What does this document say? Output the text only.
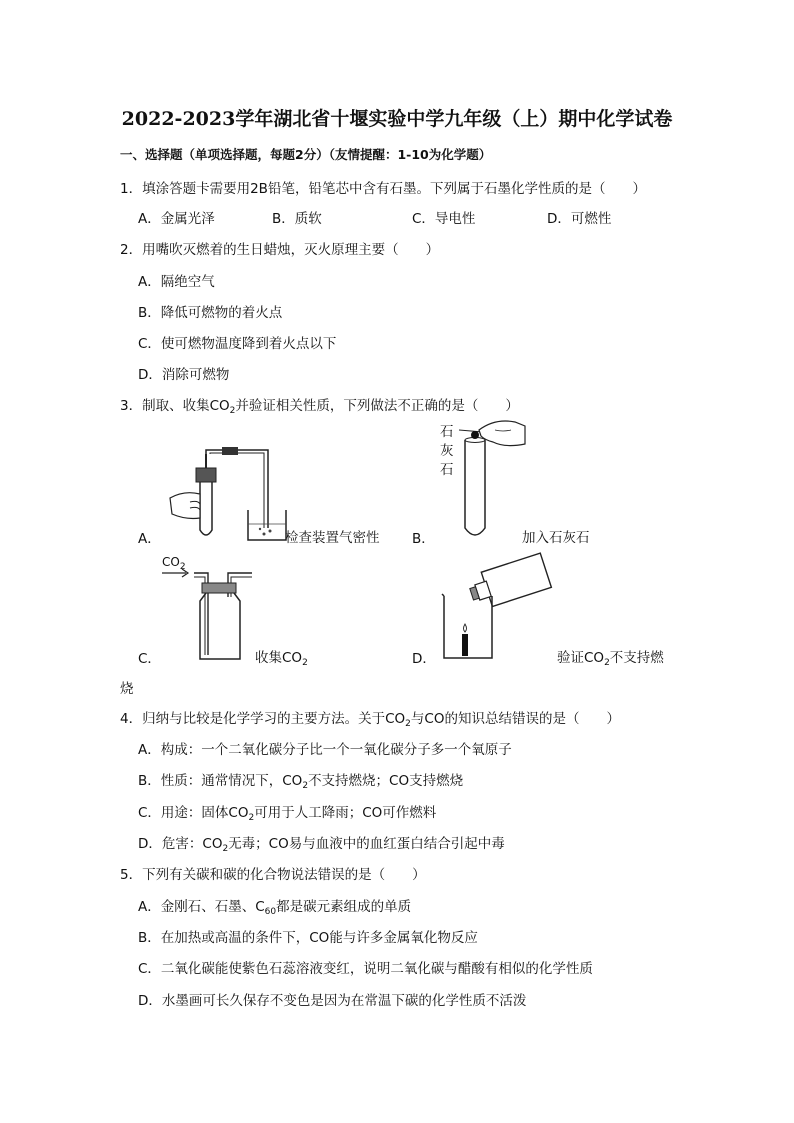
2022-2023学年湖北省十堰实验中学九年级（上）期中化学试卷
一、选择题（单项选择题，每题2分）（友情提醒：1-10为化学题）
1．填涂答题卡需要用2B铅笔，铅笔芯中含有石墨。下列属于石墨化学性质的是（　　）
A．金属光泽	B．质软	C．导电性	D．可燃性
2．用嘴吹灭燃着的生日蜡烛，灭火原理主要（　　）
A．隔绝空气
B．降低可燃物的着火点
C．使可燃物温度降到着火点以下
D．消除可燃物
3．制取、收集$CO_2$并验证相关性质，下列做法不正确的是（　　）
A．	检查装置气密性
石
灰
石
B．	加入石灰石
$CO_2$
C．	收集$CO_2$	D．	验证$CO_2$不支持燃
烧
4．归纳与比较是化学学习的主要方法。关于$CO_2$与CO的知识总结错误的是（　　）
A．构成：一个二氧化碳分子比一个一氧化碳分子多一个氧原子
B．性质：通常情况下，$CO_2$不支持燃烧；CO支持燃烧
C．用途：固体$CO_2$可用于人工降雨；CO可作燃料
D．危害：$CO_2$无毒；CO易与血液中的血红蛋白结合引起中毒
5．下列有关碳和碳的化合物说法错误的是（　　）
A．金刚石、石墨、$C_{60}$都是碳元素组成的单质
B．在加热或高温的条件下，CO能与许多金属氧化物反应
C．二氧化碳能使紫色石蕊溶液变红，说明二氧化碳与醋酸有相似的化学性质
D．水墨画可长久保存不变色是因为在常温下碳的化学性质不活泼
